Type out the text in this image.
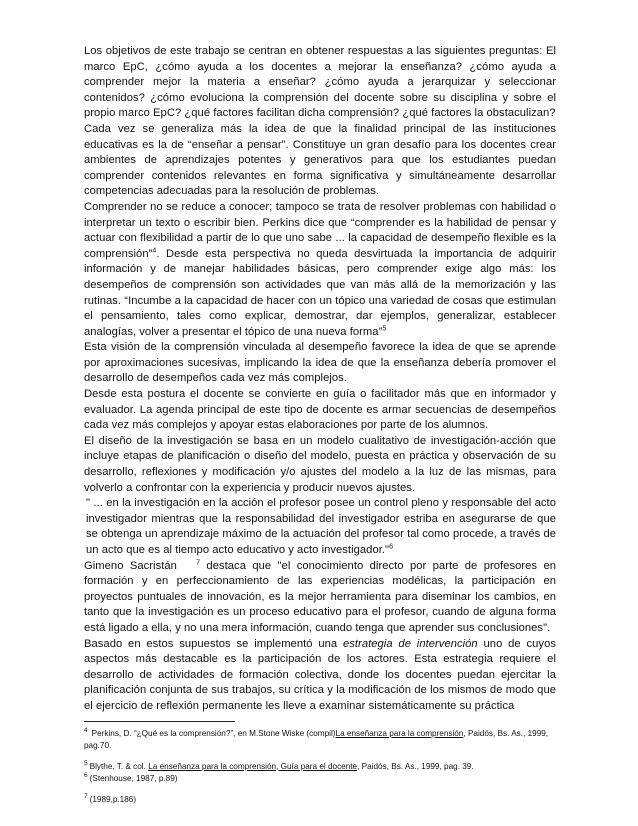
Los objetivos de este trabajo se centran en obtener respuestas a las siguientes preguntas: El marco EpC, ¿cómo ayuda a los docentes a mejorar la enseñanza? ¿cómo ayuda a comprender mejor la materia a enseñar? ¿cómo ayuda a jerarquizar y seleccionar contenidos? ¿cómo evoluciona la comprensión del docente sobre su disciplina y sobre el propio marco EpC? ¿qué factores facilitan dicha comprensión? ¿qué factores la obstaculizan?

Cada vez se generaliza más la idea de que la finalidad principal de las instituciones educativas es la de “enseñar a pensar”. Constituye un gran desafío para los docentes crear ambientes de aprendizajes potentes y generativos para que los estudiantes puedan comprender contenidos relevantes en forma significativa y simultáneamente desarrollar competencias adecuadas para la resolución de problemas.

Comprender no se reduce a conocer; tampoco se trata de resolver problemas con habilidad o interpretar un texto o escribir bien. Perkins dice que “comprender es la habilidad de pensar y actuar con flexibilidad a partir de lo que uno sabe ... la capacidad de desempeño flexible es la comprensión”$^4$. Desde esta perspectiva no queda desvirtuada la importancia de adquirir información y de manejar habilidades básicas, pero comprender exige algo más: los desempeños de comprensión son actividades que van más allá de la memorización y las rutinas. “Incumbe a la capacidad de hacer con un tópico una variedad de cosas que estimulan el pensamiento, tales como explicar, demostrar, dar ejemplos, generalizar, establecer analogías, volver a presentar el tópico de una nueva forma”$^5$

Esta visión de la comprensión vinculada al desempeño favorece la idea de que se aprende por aproximaciones sucesivas, implicando la idea de que la enseñanza debería promover el desarrollo de desempeños cada vez más complejos.

Desde esta postura el docente se convierte en guía o facilitador más que en informador y evaluador. La agenda principal de este tipo de docente es armar secuencias de desempeños cada vez más complejos y apoyar estas elaboraciones por parte de los alumnos.

El diseño de la investigación se basa en un modelo cualitativo de investigación-acción que incluye etapas de planificación o diseño del modelo, puesta en práctica y observación de su desarrollo, reflexiones y modificación y/o ajustes del modelo a la luz de las mismas, para volverlo a confrontar con la experiencia y producir nuevos ajustes.

" ... en la investigación en la acción el profesor posee un control pleno y responsable del acto investigador mientras que la responsabilidad del investigador estriba en asegurarse de que se obtenga un aprendizaje máximo de la actuación del profesor tal como procede, a través de un acto que es al tiempo acto educativo y acto investigador."$^6$

Gimeno Sacristán	$^7$ destaca que "el conocimiento directo por parte de profesores en formación y en perfeccionamiento de las experiencias modélicas, la participación en proyectos puntuales de innovación, es la mejor herramienta para diseminar los cambios, en tanto que la investigación es un proceso educativo para el profesor, cuando de alguna forma está ligado a ella, y no una mera información, cuando tenga que aprender sus conclusiones".

Basado en estos supuestos se implementó una estrategia de intervención uno de cuyos aspectos más destacable es la participación de los actores. Esta estrategia requiere el desarrollo de actividades de formación colectiva, donde los docentes puedan ejercitar la planificación conjunta de sus trabajos, su crítica y la modificación de los mismos de modo que el ejercicio de reflexión permanente les lleve a examinar sistemáticamente su práctica

$^4$ Perkins, D. “¿Qué es la comprensión?”, en M.Stone Wiske (compil)La enseñanza para la comprensión, Paidós, Bs. As., 1999, pag.70.

$^5$ Blythe, T. & col. La enseñanza para la comprensión, Guía para el docente, Paidós, Bs. As., 1999, pag. 39.

$^6$ (Stenhouse, 1987, p.89)

$^7$ (1989,p.186)
